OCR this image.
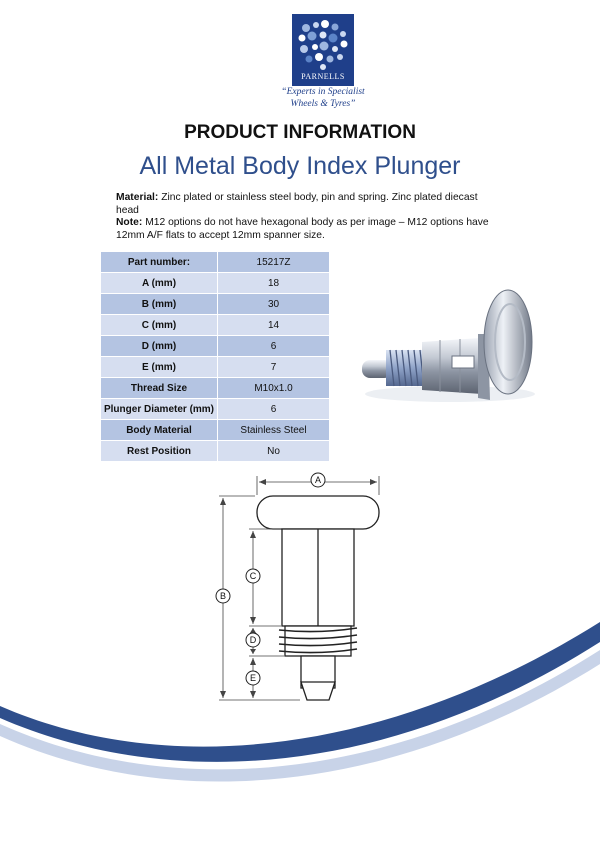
PARNELLS
“Experts in Specialist
Wheels & Tyres”
PRODUCT INFORMATION
All Metal Body Index Plunger

Material: Zinc plated or stainless steel body, pin and spring. Zinc plated diecast head

Note: M12 options do not have hexagonal body as per image – M12 options have 12mm A/F flats to accept 12mm spanner size.

Part number:	15217Z
A (mm)	18
B (mm)	30
C (mm)	14
D (mm)	6
E (mm)	7
Thread Size	M10x1.0
Plunger Diameter (mm)	6
Body Material	Stainless Steel
Rest Position	No
A
B
C
D
E
